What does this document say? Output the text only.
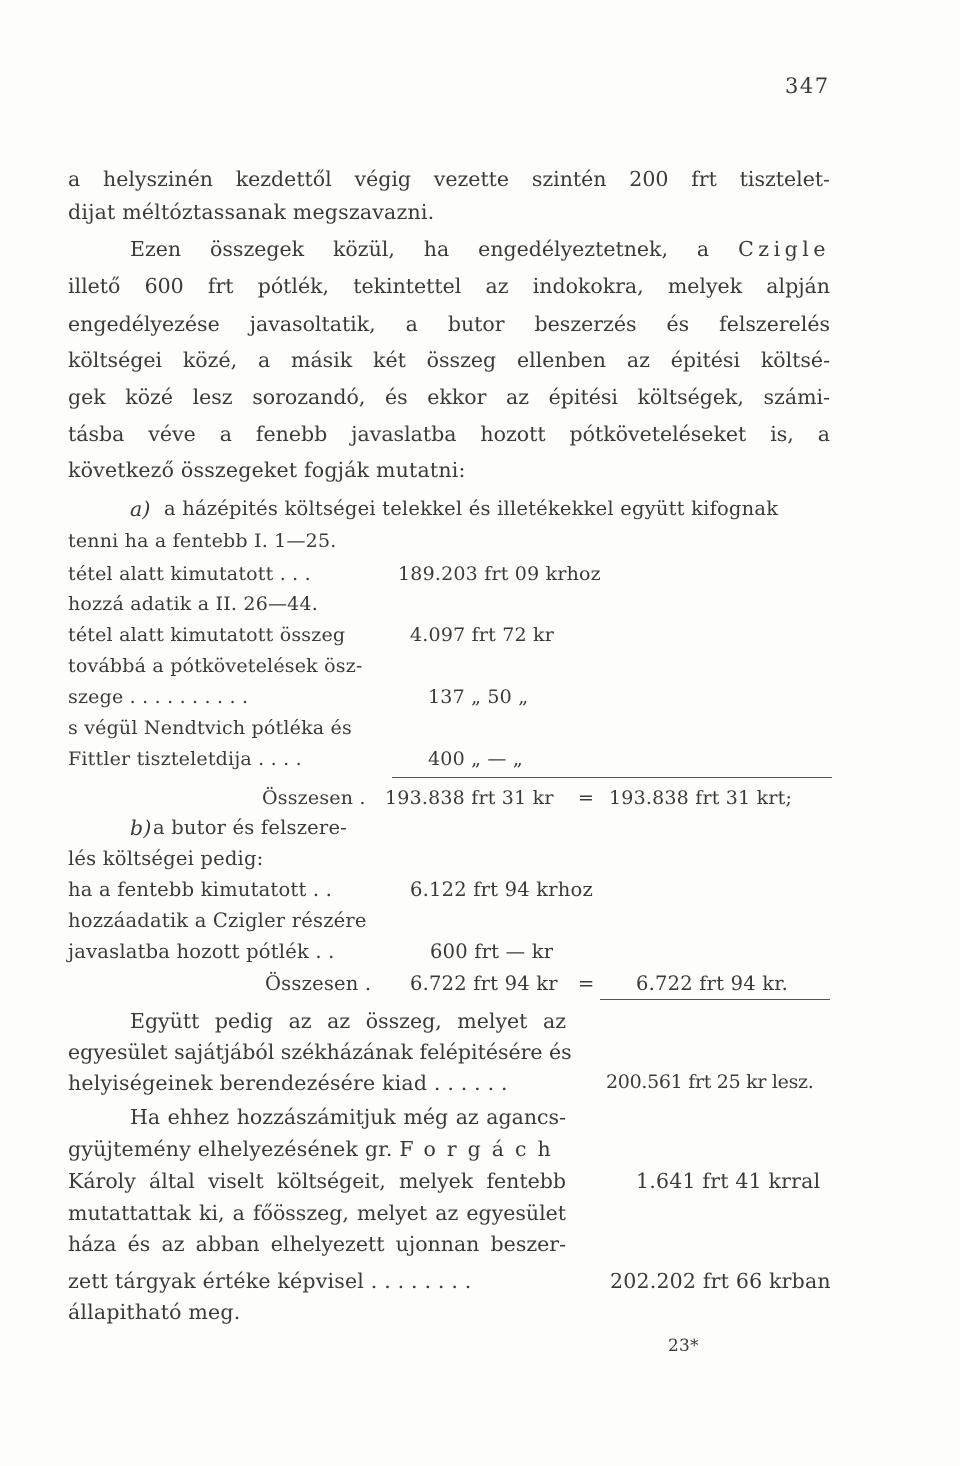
347
a helyszinén kezdettől végig vezette szintén 200 frt tisztelet-
dijat méltóztassanak megszavazni.
Ezen összegek közül, ha engedélyeztetnek, a Czigle
illető 600 frt pótlék, tekintettel az indokokra, melyek alpján
engedélyezése javasoltatik, a butor beszerzés és felszerelés
költségei közé, a másik két összeg ellenben az épitési költsé-
gek közé lesz sorozandó, és ekkor az épitési költségek, számi-
tásba véve a fenebb javaslatba hozott pótköveteléseket is, a
következő összegeket fogják mutatni:
a) a házépités költségei telekkel és illetékekkel együtt kifognak
tenni ha a fentebb I. 1—25.
tétel alatt kimutatott . . .	189.203 frt 09 krhoz
hozzá adatik a II. 26—44.
tétel alatt kimutatott összeg	4.097 frt 72 kr
továbbá a pótkövetelések ösz-
szege . . . . . . . . . .	137 „ 50 „
s végül Nendtvich pótléka és
Fittler tiszteletdija . . . .	400 „ — „
Összesen . 193.838 frt 31 kr = 193.838 frt 31 krt;
b) a butor és felszere-
lés költségei pedig:
ha a fentebb kimutatott . .	6.122 frt 94 krhoz
hozzáadatik a Czigler részére
javaslatba hozott pótlék . .	600 frt — kr
Összesen . 6.722 frt 94 kr = 6.722 frt 94 kr.
Együtt pedig az az összeg, melyet az
egyesület sajátjából székházának felépitésére és
helyiségeinek berendezésére kiad . . . . . .	200.561 frt 25 kr lesz.
Ha ehhez hozzászámitjuk még az agancs-
gyüjtemény elhelyezésének gr. Forgách
Károly által viselt költségeit, melyek fentebb	1.641 frt 41 krral
mutattattak ki, a főösszeg, melyet az egyesület
háza és az abban elhelyezett ujonnan beszer-
zett tárgyak értéke képvisel . . . . . . . .	202.202 frt 66 krban
állapitható meg.
23*
